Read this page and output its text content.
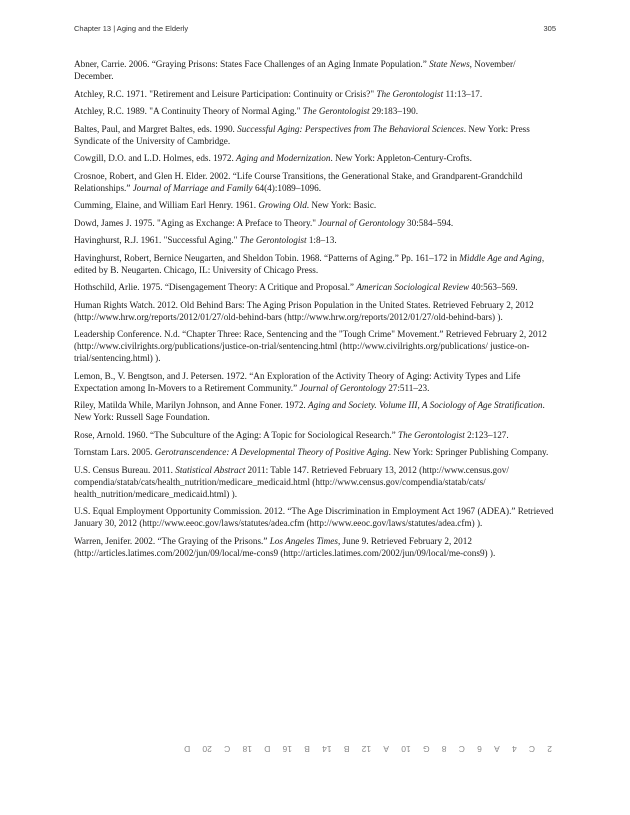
Chapter 13 | Aging and the Elderly	305

Abner, Carrie. 2006. “Graying Prisons: States Face Challenges of an Aging Inmate Population.” State News, November/ December.

Atchley, R.C. 1971. "Retirement and Leisure Participation: Continuity or Crisis?" The Gerontologist 11:13–17.

Atchley, R.C. 1989. "A Continuity Theory of Normal Aging." The Gerontologist 29:183–190.

Baltes, Paul, and Margret Baltes, eds. 1990. Successful Aging: Perspectives from The Behavioral Sciences. New York: Press Syndicate of the University of Cambridge.

Cowgill, D.O. and L.D. Holmes, eds. 1972. Aging and Modernization. New York: Appleton-Century-Crofts.

Crosnoe, Robert, and Glen H. Elder. 2002. “Life Course Transitions, the Generational Stake, and Grandparent-Grandchild Relationships.” Journal of Marriage and Family 64(4):1089–1096.

Cumming, Elaine, and William Earl Henry. 1961. Growing Old. New York: Basic.

Dowd, James J. 1975. "Aging as Exchange: A Preface to Theory." Journal of Gerontology 30:584–594.

Havinghurst, R.J. 1961. "Successful Aging." The Gerontologist 1:8–13.

Havinghurst, Robert, Bernice Neugarten, and Sheldon Tobin. 1968. “Patterns of Aging.” Pp. 161–172 in Middle Age and Aging, edited by B. Neugarten. Chicago, IL: University of Chicago Press.

Hothschild, Arlie. 1975. “Disengagement Theory: A Critique and Proposal.” American Sociological Review 40:563–569.

Human Rights Watch. 2012. Old Behind Bars: The Aging Prison Population in the United States. Retrieved February 2, 2012 (http://www.hrw.org/reports/2012/01/27/old-behind-bars (http://www.hrw.org/reports/2012/01/27/old-behind-bars) ).

Leadership Conference. N.d. “Chapter Three: Race, Sentencing and the "Tough Crime" Movement.” Retrieved February 2, 2012 (http://www.civilrights.org/publications/justice-on-trial/sentencing.html (http://www.civilrights.org/publications/ justice-on-trial/sentencing.html) ).

Lemon, B., V. Bengtson, and J. Petersen. 1972. “An Exploration of the Activity Theory of Aging: Activity Types and Life Expectation among In-Movers to a Retirement Community.” Journal of Gerontology 27:511–23.

Riley, Matilda While, Marilyn Johnson, and Anne Foner. 1972. Aging and Society. Volume III, A Sociology of Age Stratification. New York: Russell Sage Foundation.

Rose, Arnold. 1960. “The Subculture of the Aging: A Topic for Sociological Research.” The Gerontologist 2:123–127.

Tornstam Lars. 2005. Gerotranscendence: A Developmental Theory of Positive Aging. New York: Springer Publishing Company.

U.S. Census Bureau. 2011. Statistical Abstract 2011: Table 147. Retrieved February 13, 2012 (http://www.census.gov/ compendia/statab/cats/health_nutrition/medicare_medicaid.html (http://www.census.gov/compendia/statab/cats/ health_nutrition/medicare_medicaid.html) ).

U.S. Equal Employment Opportunity Commission. 2012. “The Age Discrimination in Employment Act 1967 (ADEA).” Retrieved January 30, 2012 (http://www.eeoc.gov/laws/statutes/adea.cfm (http://www.eeoc.gov/laws/statutes/adea.cfm) ).

Warren, Jenifer. 2002. “The Graying of the Prisons.” Los Angeles Times, June 9. Retrieved February 2, 2012 (http://articles.latimes.com/2002/jun/09/local/me-cons9 (http://articles.latimes.com/2002/jun/09/local/me-cons9) ).

2
C
4
A
6
C
8
G
10
A
12
B
14
B
16
D
18
C
20
D
